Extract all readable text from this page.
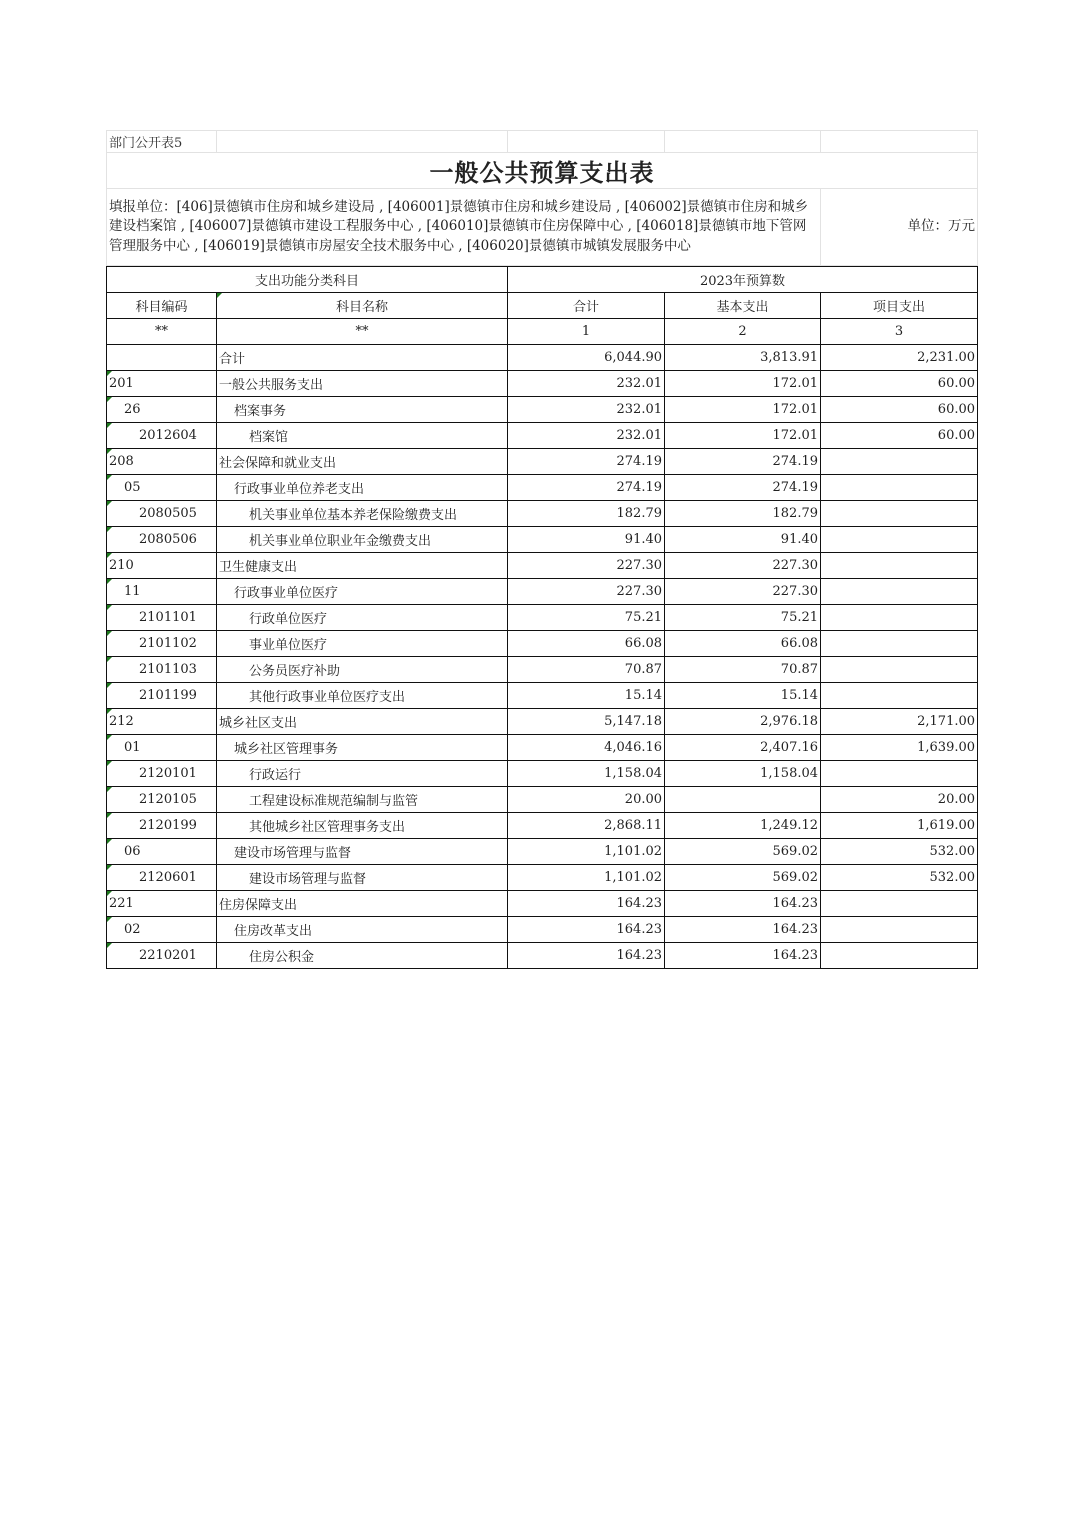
部门公开表5				
一般公共预算支出表				
填报单位：[406]景德镇市住房和城乡建设局 , [406001]景德镇市住房和城乡建设局 , [406002]景德镇市住房和城乡建设档案馆 , [406007]景德镇市建设工程服务中心 , [406010]景德镇市住房保障中心 , [406018]景德镇市地下管网管理服务中心 , [406019]景德镇市房屋安全技术服务中心 , [406020]景德镇市城镇发展服务中心				单位：万元
支出功能分类科目		2023年预算数		
科目编码	科目名称	合计	基本支出	项目支出
**	**	1	2	3
	合计	6,044.90	3,813.91	2,231.00

201	一般公共服务支出	232.01	172.01	60.00

26	档案事务	232.01	172.01	60.00

2012604	档案馆	232.01	172.01	60.00

208	社会保障和就业支出	274.19	274.19	

05	行政事业单位养老支出	274.19	274.19	

2080505	机关事业单位基本养老保险缴费支出	182.79	182.79	

2080506	机关事业单位职业年金缴费支出	91.40	91.40	

210	卫生健康支出	227.30	227.30	

11	行政事业单位医疗	227.30	227.30	

2101101	行政单位医疗	75.21	75.21	

2101102	事业单位医疗	66.08	66.08	

2101103	公务员医疗补助	70.87	70.87	

2101199	其他行政事业单位医疗支出	15.14	15.14	

212	城乡社区支出	5,147.18	2,976.18	2,171.00

01	城乡社区管理事务	4,046.16	2,407.16	1,639.00

2120101	行政运行	1,158.04	1,158.04	

2120105	工程建设标准规范编制与监管	20.00		20.00

2120199	其他城乡社区管理事务支出	2,868.11	1,249.12	1,619.00

06	建设市场管理与监督	1,101.02	569.02	532.00

2120601	建设市场管理与监督	1,101.02	569.02	532.00

221	住房保障支出	164.23	164.23	

02	住房改革支出	164.23	164.23	

2210201	住房公积金	164.23	164.23	
